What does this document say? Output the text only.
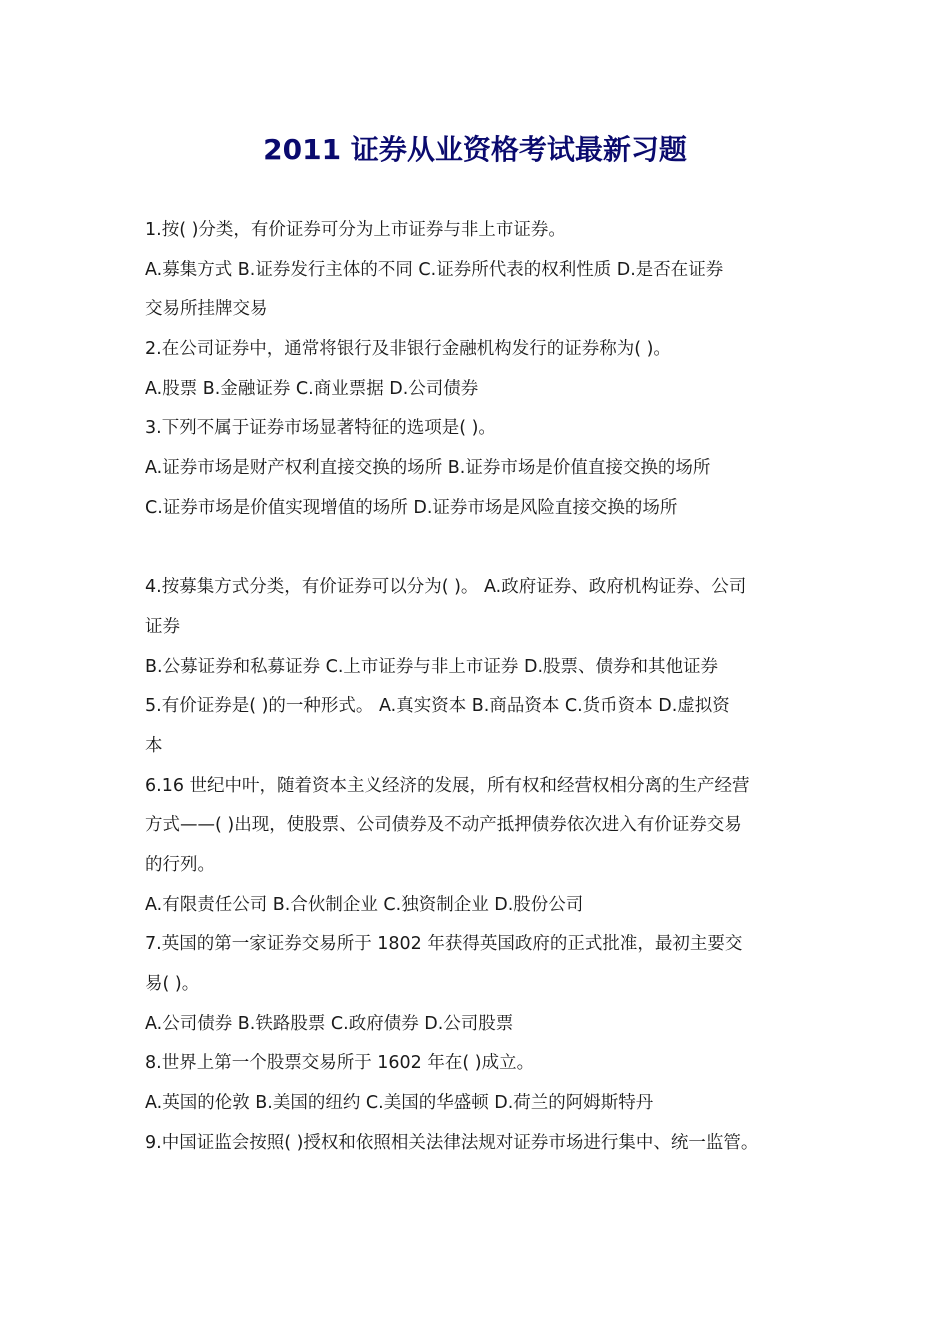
2011 证券从业资格考试最新习题
1.按( )分类，有价证券可分为上市证券与非上市证券。
A.募集方式 B.证券发行主体的不同 C.证券所代表的权利性质 D.是否在证券
交易所挂牌交易
2.在公司证券中，通常将银行及非银行金融机构发行的证券称为( )。
A.股票 B.金融证券 C.商业票据 D.公司债券
3.下列不属于证券市场显著特征的选项是( )。
A.证券市场是财产权利直接交换的场所 B.证券市场是价值直接交换的场所
C.证券市场是价值实现增值的场所 D.证券市场是风险直接交换的场所
4.按募集方式分类，有价证券可以分为( )。 A.政府证券、政府机构证券、公司
证券
B.公募证券和私募证券 C.上市证券与非上市证券 D.股票、债券和其他证券
5.有价证券是( )的一种形式。 A.真实资本 B.商品资本 C.货币资本 D.虚拟资
本
6.16 世纪中叶，随着资本主义经济的发展，所有权和经营权相分离的生产经营
方式——( )出现，使股票、公司债券及不动产抵押债券依次进入有价证券交易
的行列。
A.有限责任公司 B.合伙制企业 C.独资制企业 D.股份公司
7.英国的第一家证券交易所于 1802 年获得英国政府的正式批准，最初主要交
易( )。
A.公司债券 B.铁路股票 C.政府债券 D.公司股票
8.世界上第一个股票交易所于 1602 年在( )成立。
A.英国的伦敦 B.美国的纽约 C.美国的华盛顿 D.荷兰的阿姆斯特丹
9.中国证监会按照( )授权和依照相关法律法规对证券市场进行集中、统一监管。
